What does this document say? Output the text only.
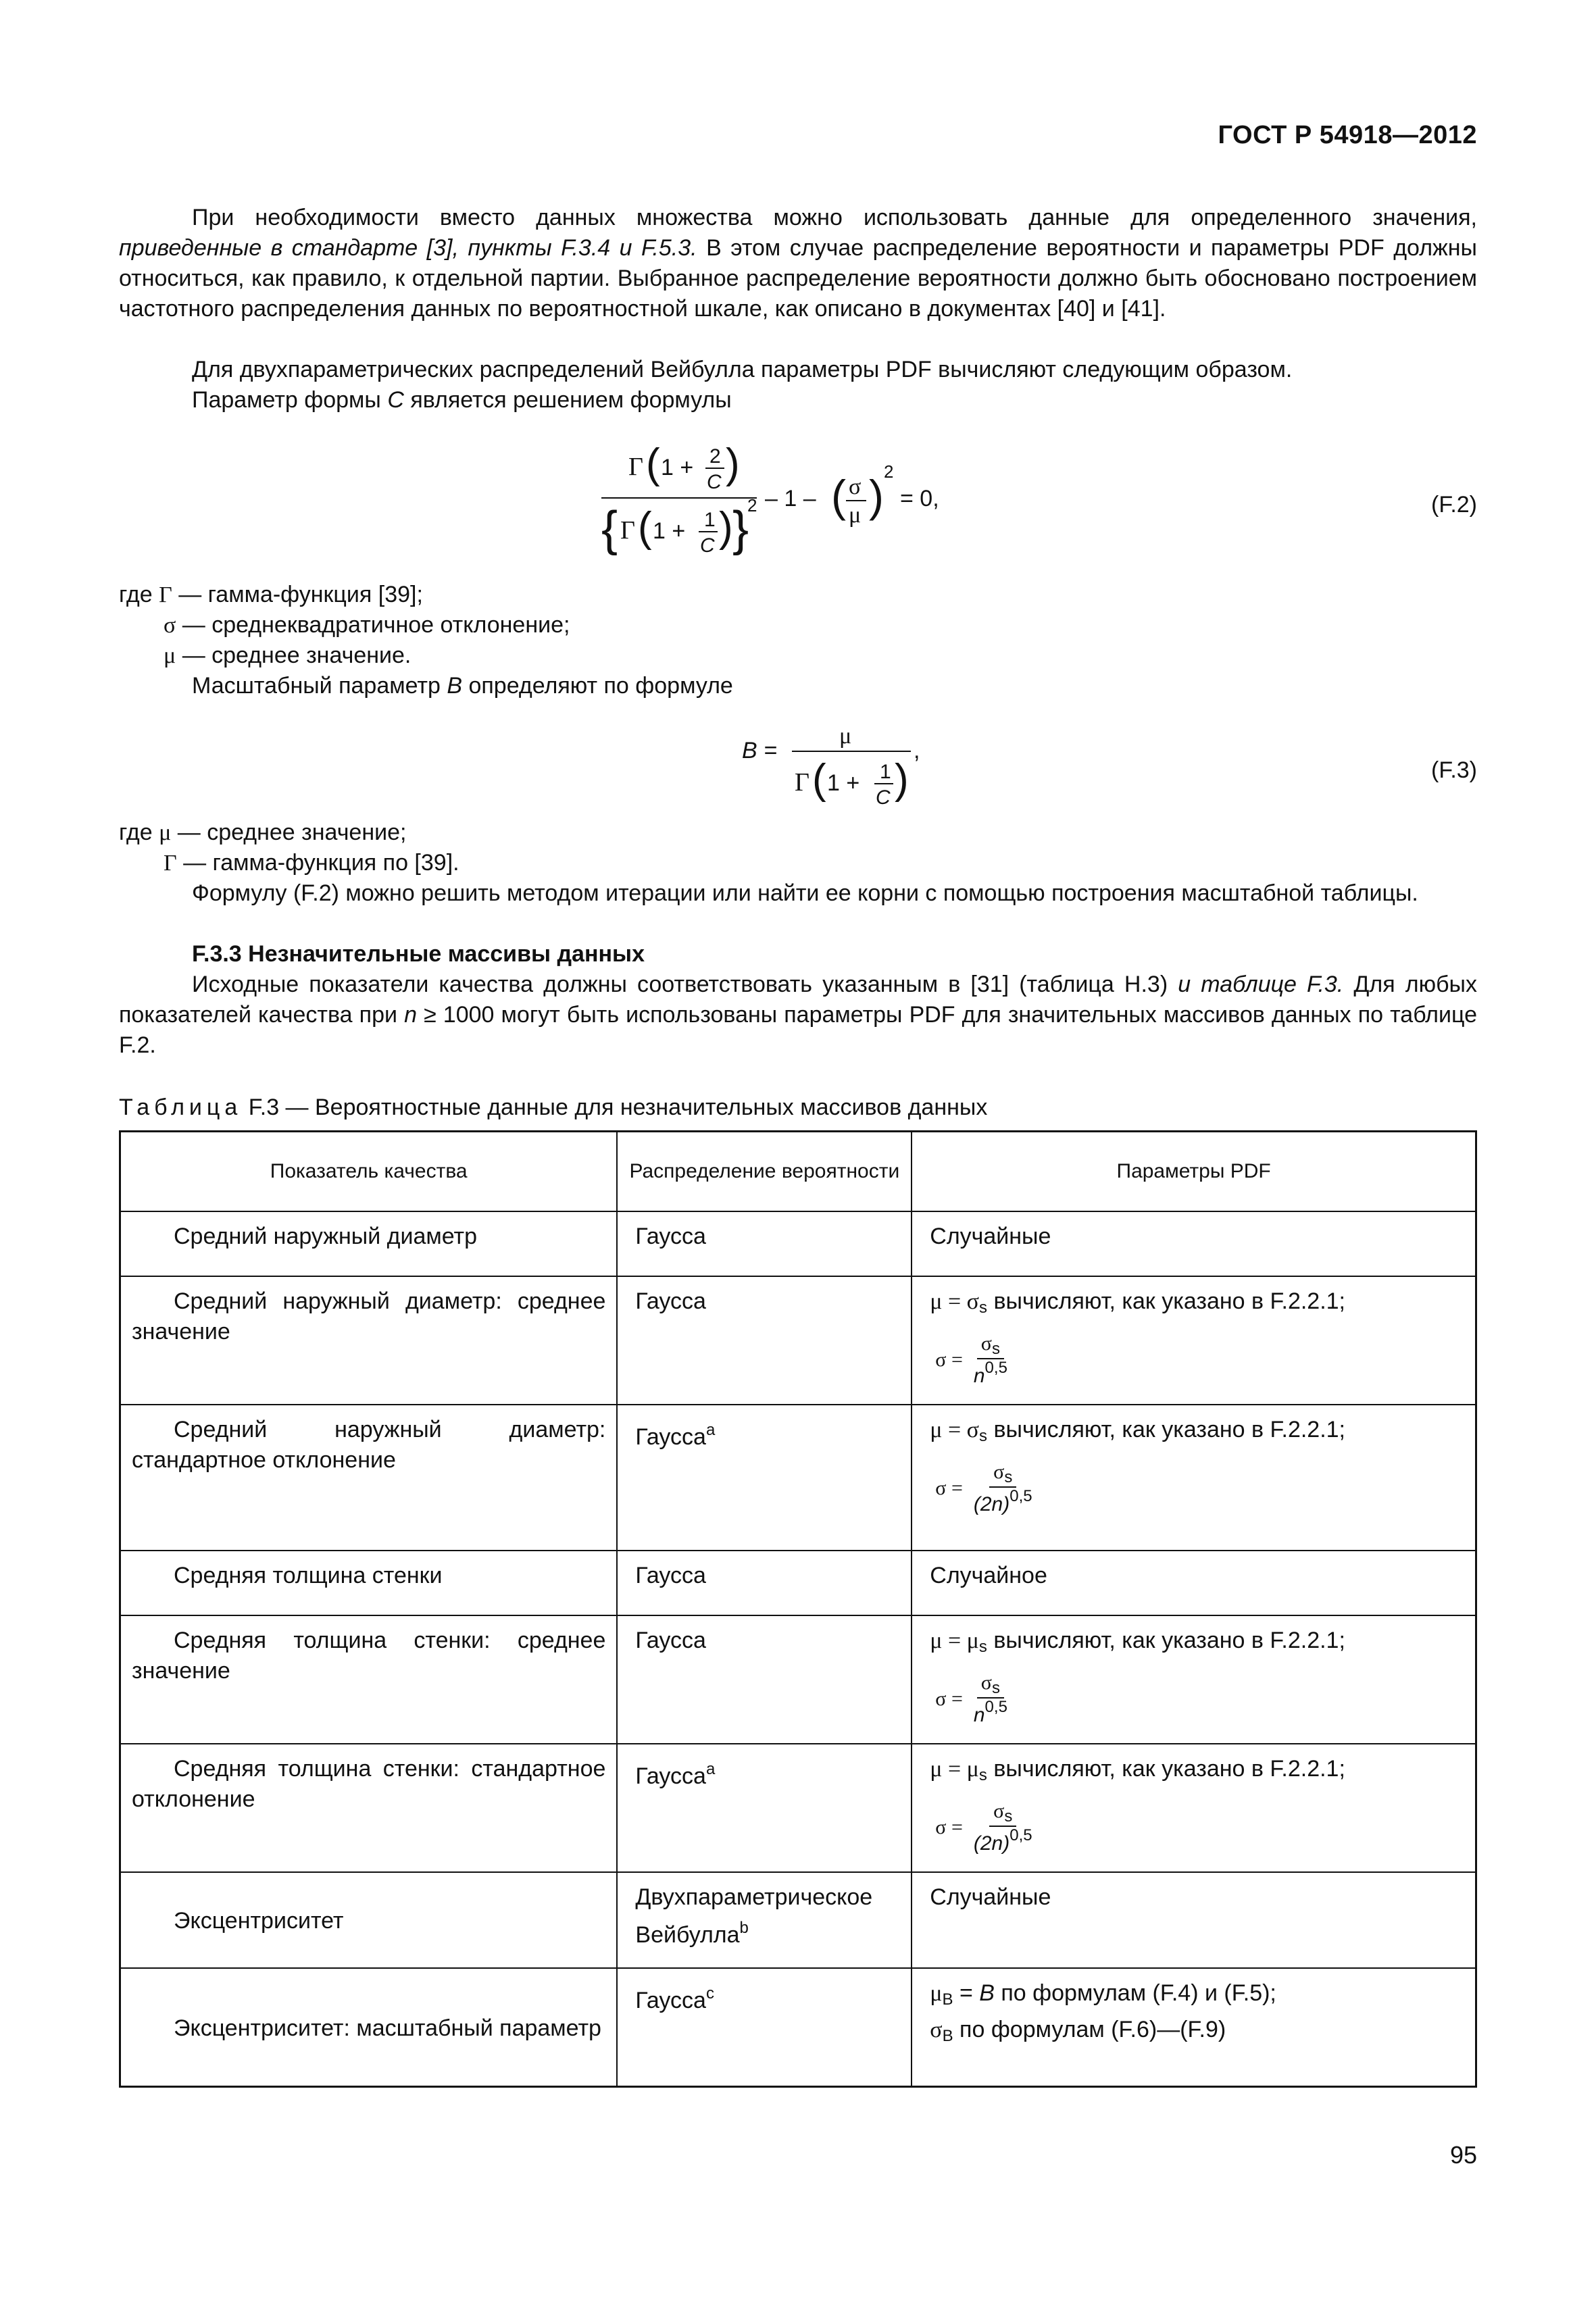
ГОСТ Р 54918—2012
При необходимости вместо данных множества можно использовать данные для определенного значения, приведенные в стандарте [3], пункты F.3.4 и F.5.3. В этом случае распределение вероятности и параметры PDF должны относиться, как правило, к отдельной партии. Выбранное распределение вероятности должно быть обосновано построением частотного распределения данных по вероятностной шкале, как описано в документах [40] и [41].
Для двухпараметрических распределений Вейбулла параметры PDF вычисляют следующим образом.
Параметр формы C является решением формулы
Γ ( 1 + 2
C )
{ Γ ( 1 + 1
C ) }
2 – 1 – ( σ
μ ) 2
= 0,	(F.2)
где Γ — гамма-функция [39];
σ — среднеквадратичное отклонение;
μ — среднее значение.
Масштабный параметр B определяют по формуле
B =
μ
Γ ( 1 + 1
C )
,
(F.3)
где μ — среднее значение;
Γ — гамма-функция по [39].
Формулу (F.2) можно решить методом итерации или найти ее корни с помощью построения масштабной таблицы.
F.3.3 Незначительные массивы данных
Исходные показатели качества должны соответствовать указанным в [31] (таблица Н.3) и таблице F.3. Для любых показателей качества при n ≥ 1000 могут быть использованы параметры PDF для значительных массивов данных по таблице F.2.
Таблица F.3 — Вероятностные данные для незначительных массивов данных
Показатель качества	Распределение вероятности	Параметры PDF
Средний наружный диаметр	Гаусса	Случайные
Средний наружный диаметр: среднее значение	Гаусса	$\mu = \sigma_s$ вычисляют, как указано в F.2.2.1;
$\sigma = \frac{\sigma_s}{n^{0,5}}$

Средний наружный диаметр: стандартное отклонение	Гаусса$^a$	$\mu = \sigma_s$ вычисляют, как указано в F.2.2.1;
$\sigma = \frac{\sigma_s}{(2n)^{0,5}}$

Средняя толщина стенки	Гаусса	Случайное
Средняя толщина стенки: среднее значение	Гаусса	$\mu = \mu_s$ вычисляют, как указано в F.2.2.1;
$\sigma = \frac{\sigma_s}{n^{0,5}}$

Средняя толщина стенки: стандартное отклонение	Гаусса$^a$	$\mu = \mu_s$ вычисляют, как указано в F.2.2.1;
$\sigma = \frac{\sigma_s}{(2n)^{0,5}}$

Эксцентриситет	Двухпараметрическое Вейбулла$^b$	Случайные
Эксцентриситет: масштабный параметр	Гаусса$^c$	$\mu_B = B$ по формулам (F.4) и (F.5);
$\sigma_B$ по формулам (F.6)—(F.9)
95
